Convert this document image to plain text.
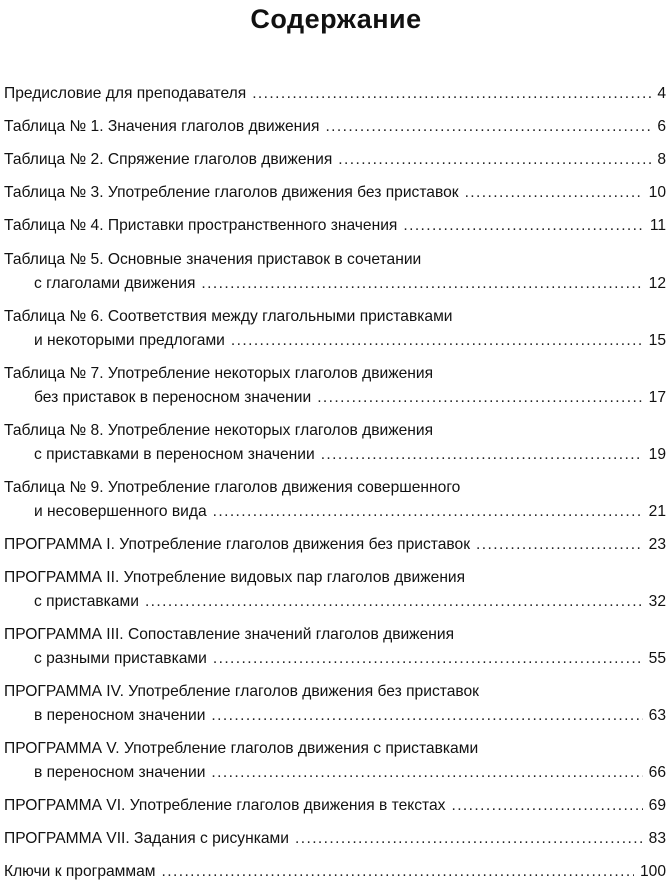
Содержание
Предисловие для преподавателя .....	4
Таблица № 1. Значения глаголов движения .....	6
Таблица № 2. Спряжение глаголов движения .....	8
Таблица № 3. Употребление глаголов движения без приставок .....	10
Таблица № 4. Приставки пространственного значения .....	11
Таблица № 5. Основные значения приставок в сочетании
с глаголами движения .....	12
Таблица № 6. Соответствия между глагольными приставками
и некоторыми предлогами .....	15
Таблица № 7. Употребление некоторых глаголов движения
без приставок в переносном значении .....	17
Таблица № 8. Употребление некоторых глаголов движения
с приставками в переносном значении .....	19
Таблица № 9. Употребление глаголов движения совершенного
и несовершенного вида .....	21
ПРОГРАММА I. Употребление глаголов движения без приставок .....	23
ПРОГРАММА II. Употребление видовых пар глаголов движения
с приставками .....	32
ПРОГРАММА III. Сопоставление значений глаголов движения
с разными приставками .....	55
ПРОГРАММА IV. Употребление глаголов движения без приставок
в переносном значении .....	63
ПРОГРАММА V. Употребление глаголов движения с приставками
в переносном значении .....	66
ПРОГРАММА VI. Употребление глаголов движения в текстах .....	69
ПРОГРАММА VII. Задания с рисунками .....	83
Ключи к программам .....	100
